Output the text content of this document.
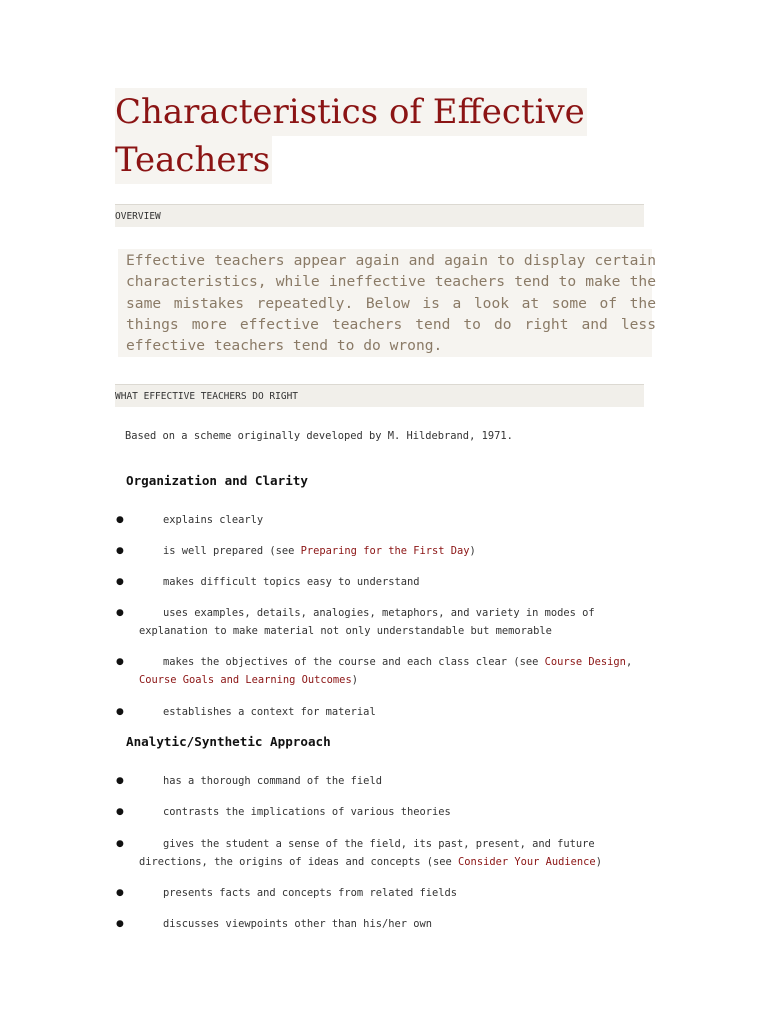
Characteristics of Effective
Teachers
OVERVIEW

Effective teachers appear again and again to display certain characteristics, while ineffective teachers tend to make the same mistakes repeatedly. Below is a look at some of the things more effective teachers tend to do right and less effective teachers tend to do wrong.

WHAT EFFECTIVE TEACHERS DO RIGHT

Based on a scheme originally developed by M. Hildebrand, 1971.

Organization and Clarity
●	explains clearly

●	is well prepared (see Preparing for the First Day)

●	makes difficult topics easy to understand

●	uses examples, details, analogies, metaphors, and variety in modes of explanation to make material not only understandable but memorable

●	makes the objectives of the course and each class clear (see Course Design, Course Goals and Learning Outcomes)

●	establishes a context for material

Analytic/Synthetic Approach
●	has a thorough command of the field

●	contrasts the implications of various theories

●	gives the student a sense of the field, its past, present, and future directions, the origins of ideas and concepts (see Consider Your Audience)

●	presents facts and concepts from related fields

●	discusses viewpoints other than his/her own
